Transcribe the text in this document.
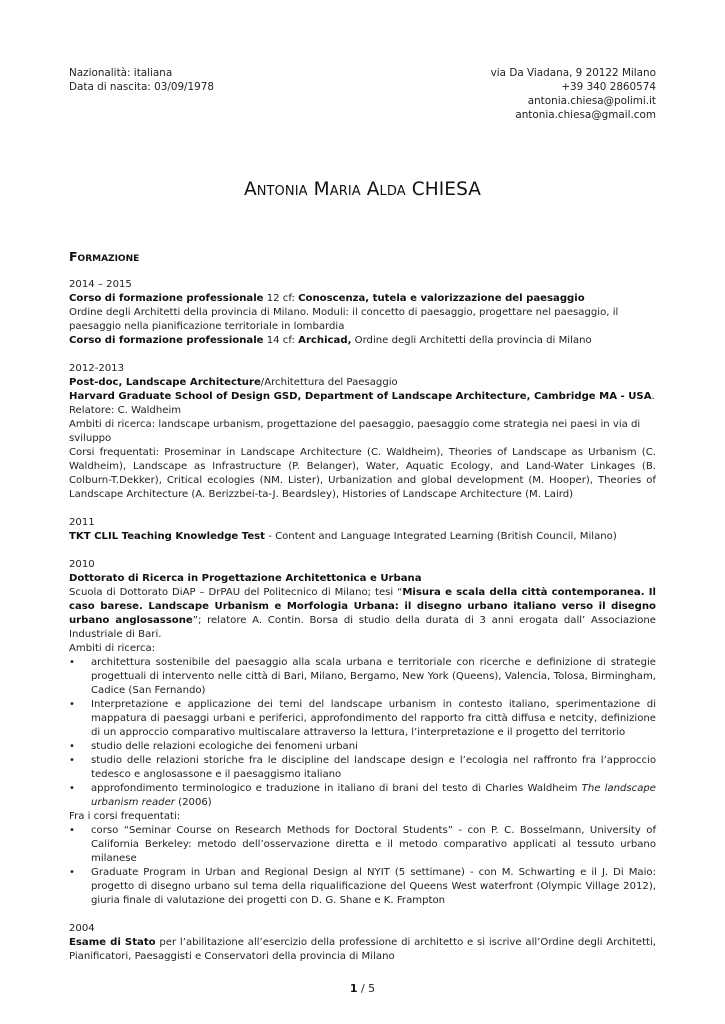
Nazionalità: italiana
Data di nascita: 03/09/1978
via Da Viadana, 9 20122 Milano
+39 340 2860574
antonia.chiesa@polimi.it
antonia.chiesa@gmail.com
Antonia Maria Alda CHIESA
Formazione
2014 – 2015

Corso di formazione professionale 12 cf: Conoscenza, tutela e valorizzazione del paesaggio

Ordine degli Architetti della provincia di Milano. Moduli: il concetto di paesaggio, progettare nel paesaggio, il paesaggio nella pianificazione territoriale in lombardia

Corso di formazione professionale 14 cf: Archicad, Ordine degli Architetti della provincia di Milano

2012-2013

Post-doc, Landscape Architecture/Architettura del Paesaggio

Harvard Graduate School of Design GSD, Department of Landscape Architecture, Cambridge MA - USA.

Relatore: C. Waldheim

Ambiti di ricerca: landscape urbanism, progettazione del paesaggio, paesaggio come strategia nei paesi in via di sviluppo

Corsi frequentati: Proseminar in Landscape Architecture (C. Waldheim), Theories of Landscape as Urbanism (C. Waldheim), Landscape as Infrastructure (P. Belanger), Water, Aquatic Ecology, and Land-Water Linkages (B. Colburn-T.Dekker), Critical ecologies (NM. Lister), Urbanization and global development (M. Hooper), Theories of Landscape Architecture (A. Berizzbei-ta-J. Beardsley), Histories of Landscape Architecture (M. Laird)

2011

TKT CLIL Teaching Knowledge Test - Content and Language Integrated Learning (British Council, Milano)

2010

Dottorato di Ricerca in Progettazione Architettonica e Urbana

Scuola di Dottorato DiAP – DrPAU del Politecnico di Milano; tesi “Misura e scala della città contemporanea. Il caso barese. Landscape Urbanism e Morfologia Urbana: il disegno urbano italiano verso il disegno urbano anglosassone”; relatore A. Contin. Borsa di studio della durata di 3 anni erogata dall’ Associazione Industriale di Bari.

Ambiti di ricerca:

• architettura sostenibile del paesaggio alla scala urbana e territoriale con ricerche e definizione di strategie progettuali di intervento nelle città di Bari, Milano, Bergamo, New York (Queens), Valencia, Tolosa, Birmingham, Cadice (San Fernando)
• Interpretazione e applicazione dei temi del landscape urbanism in contesto italiano, sperimentazione di mappatura di paesaggi urbani e periferici, approfondimento del rapporto fra città diffusa e netcity, definizione di un approccio comparativo multiscalare attraverso la lettura, l’interpretazione e il progetto del territorio
• studio delle relazioni ecologiche dei fenomeni urbani
• studio delle relazioni storiche fra le discipline del landscape design e l’ecologia nel raffronto fra l’approccio tedesco e anglosassone e il paesaggismo italiano
• approfondimento terminologico e traduzione in italiano di brani del testo di Charles Waldheim The landscape urbanism reader (2006)

Fra i corsi frequentati:

• corso “Seminar Course on Research Methods for Doctoral Students” - con P. C. Bosselmann, University of California Berkeley: metodo dell’osservazione diretta e il metodo comparativo applicati al tessuto urbano milanese
• Graduate Program in Urban and Regional Design al NYIT (5 settimane) - con M. Schwarting e il J. Di Maio: progetto di disegno urbano sul tema della riqualificazione del Queens West waterfront (Olympic Village 2012), giuria finale di valutazione dei progetti con D. G. Shane e K. Frampton
2004

Esame di Stato per l’abilitazione all’esercizio della professione di architetto e si iscrive all’Ordine degli Architetti, Pianificatori, Paesaggisti e Conservatori della provincia di Milano

1 / 5
